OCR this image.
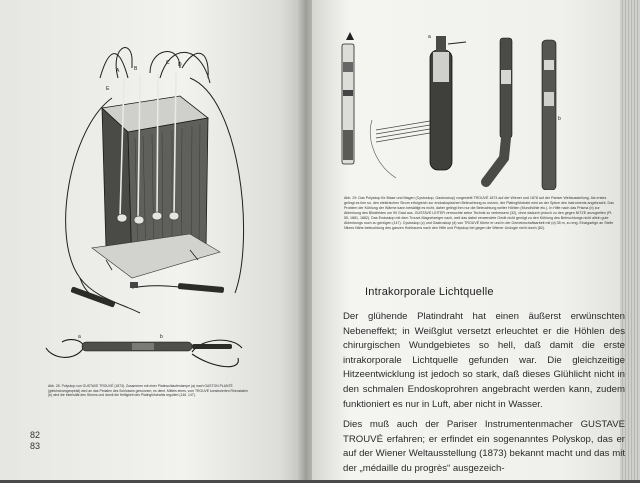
A	B
C D
E
b
a
Abb. 28. Polyskop von GUSTAVE TROUVÉ (1873). Zusammen mit einer Platinschlaufenlampe (a) nach GASTON PLANTÉ (gleichstromgespeist) wird an das Pedalen des Schlosses gewonnen; es dient. Mittels eines, vom TROUVÉ konstruierten Rheostaten (b) wird die Intensität des Stroms und damit die Helligkeit des Platinglühdrahts reguliert (146, 147).
82
83
a
b
Abb. 29. Das Polyskop für Blase und Magen (Cystoskop, Gastroskop) vorgestellt TROUVÉ 1873 auf der Wiener und 1878 auf der Pariser Weltausstellung. Als erstes gelingt es ihm so, den elektrischen Strom erfolgreich zur endoskopischen Beleuchtung zu nutzen, der Platinglühdraht wird an der Spitze des Instruments angebracht. Das Problem der Kühlung der Wärme kann bewältigt es nicht, daher gelingt ihm nur die Beleuchtung weiter Höhlen (Mundhöhle etc.). In Hilfe nach das Prisma (b) zur Ablenkung des Blickfeldes um 90 Grad aus. GUSTAVE LEITER vermochte seine Technik zu verbessern (32), ohne dadurch jedoch zu den gegen NITZE anzugreifen (Pl. 55, 1881, 1882). Das Endoskop mit dem Trouvé-Magnetzeiger nach, weil das dabei verwendete Gerät nicht genügt zu den Kühlung des Beleuchtungs nicht allein gute Ablenkungs noch zu genügen (147). Cystoskop (c) und Gastroskop (d) von TROUVÉ führte er und in der Gemeinschaftsarbeit mit (d) 35 m, zu eng. Einzigartige an Stelle Nitzes Nähe beleuchtung des ganzen Hohlraums nach den Hilfe und Polyskop bei gegen die Wiener Urologie nicht durch (82).
Intrakorporale Lichtquelle

Der glühende Platindraht hat einen äußerst erwünschten Nebeneffekt; in Weißglut versetzt erleuchtet er die Höhlen des chirurgischen Wundgebietes so hell, daß damit die erste intrakorporale Lichtquelle gefunden war. Die gleichzeitige Hitzeentwicklung ist jedoch so stark, daß dieses Glühlicht nicht in den schmalen Endoskoprohren angebracht werden kann, zudem funktioniert es nur in Luft, aber nicht in Wasser.

Dies muß auch der Pariser Instrumentenmacher GUSTAVE TROUVÉ erfahren; er erfindet ein sogenanntes Polyskop, das er auf der Wiener Weltausstellung (1873) bekannt macht und das mit der „médaille du progrès“ ausgezeich-
